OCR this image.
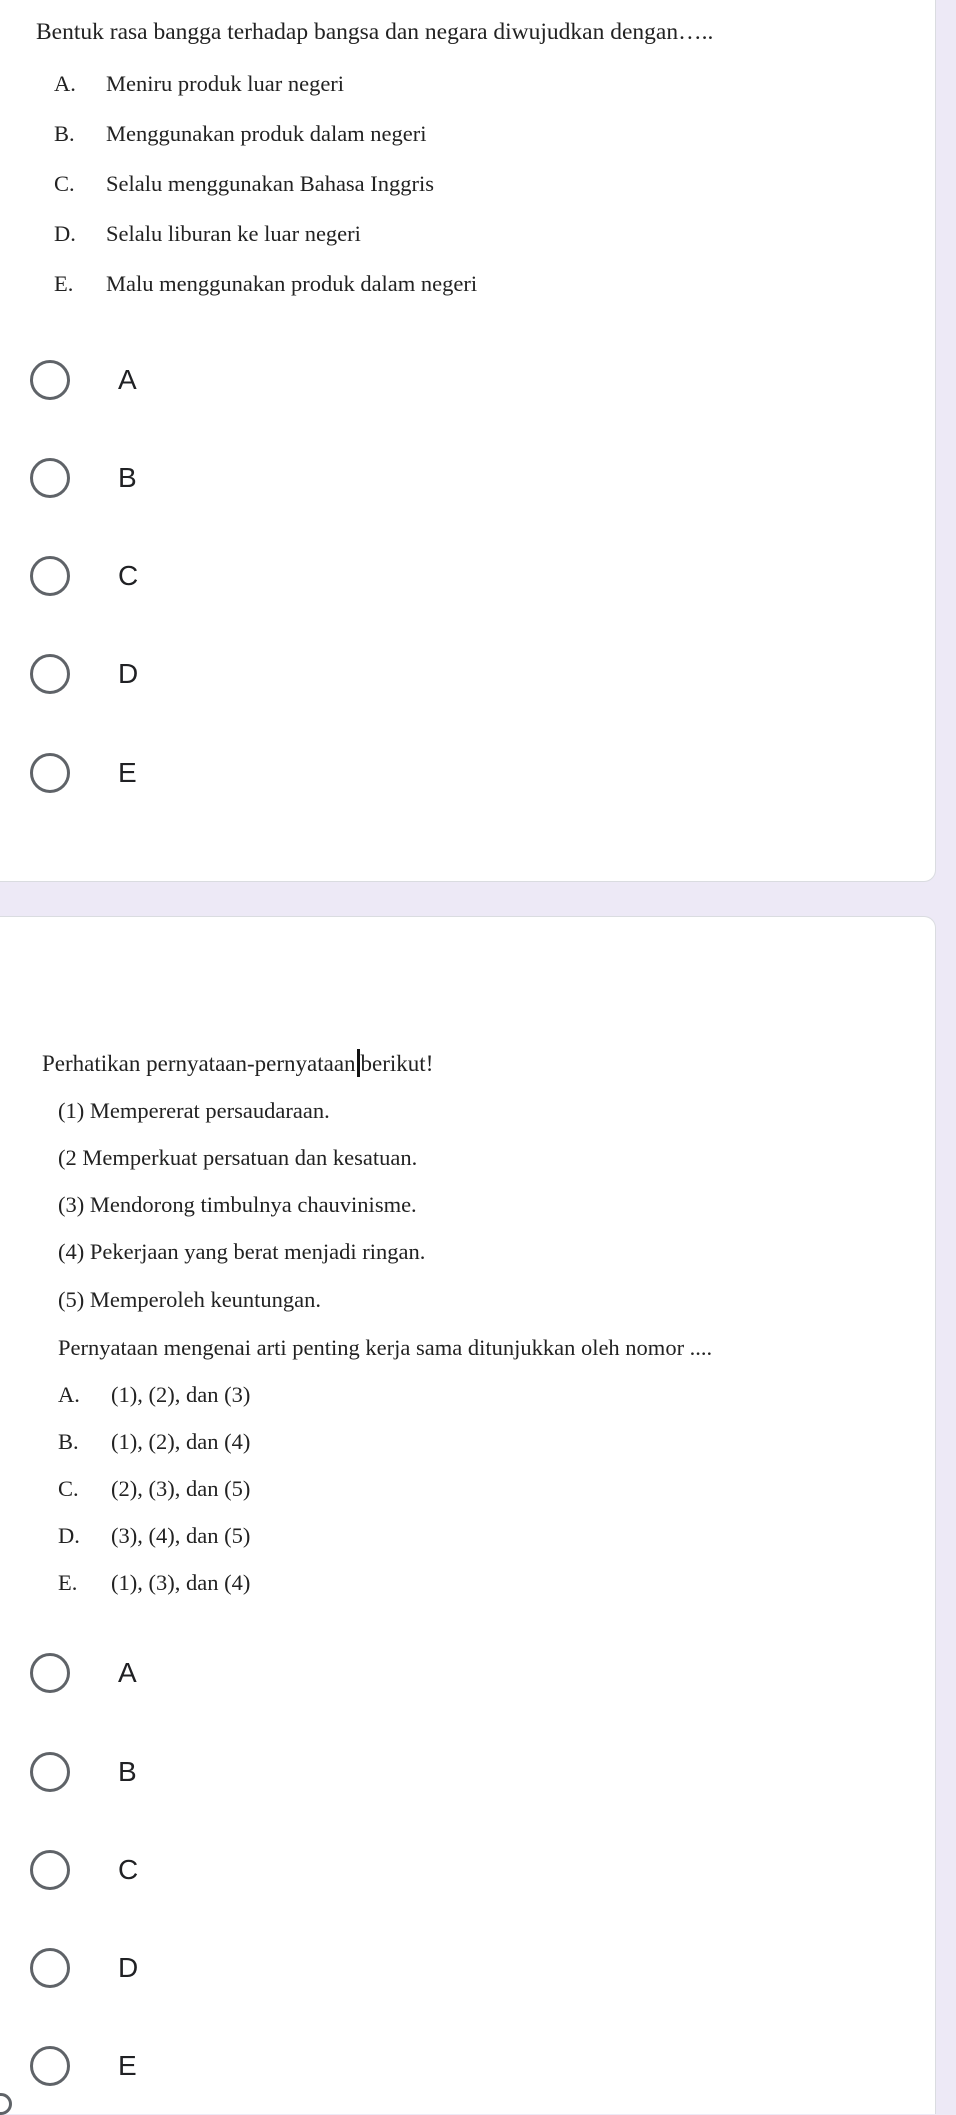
Bentuk rasa bangga terhadap bangsa dan negara diwujudkan dengan…..
A. Meniru produk luar negeri
B. Menggunakan produk dalam negeri
C. Selalu menggunakan Bahasa Inggris
D. Selalu liburan ke luar negeri
E. Malu menggunakan produk dalam negeri
A
B
C
D
E
Perhatikan pernyataan-pernyataan berikut!
(1) Mempererat persaudaraan.
(2 Memperkuat persatuan dan kesatuan.
(3) Mendorong timbulnya chauvinisme.
(4) Pekerjaan yang berat menjadi ringan.
(5) Memperoleh keuntungan.
Pernyataan mengenai arti penting kerja sama ditunjukkan oleh nomor ....
A. (1), (2), dan (3)
B. (1), (2), dan (4)
C. (2), (3), dan (5)
D. (3), (4), dan (5)
E. (1), (3), dan (4)
A
B
C
D
E
